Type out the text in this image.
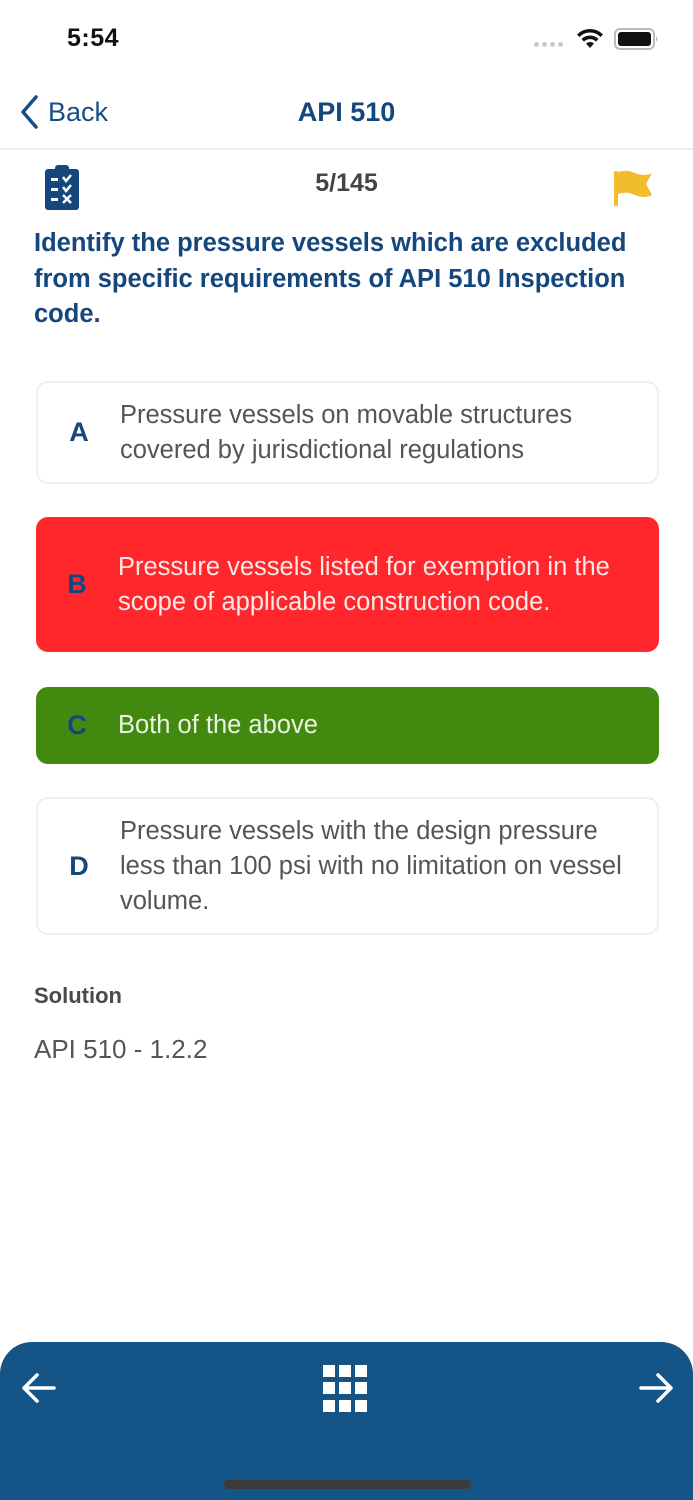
5:54
Back	API 510
5/145
Identify the pressure vessels which are excluded from specific requirements of API 510 Inspection code.
A
Pressure vessels on movable structures covered by jurisdictional regulations
B
Pressure vessels listed for exemption in the scope of applicable construction code.
C	Both of the above
D
Pressure vessels with the design pressure less than 100 psi with no limitation on vessel volume.
Solution
API 510 - 1.2.2
